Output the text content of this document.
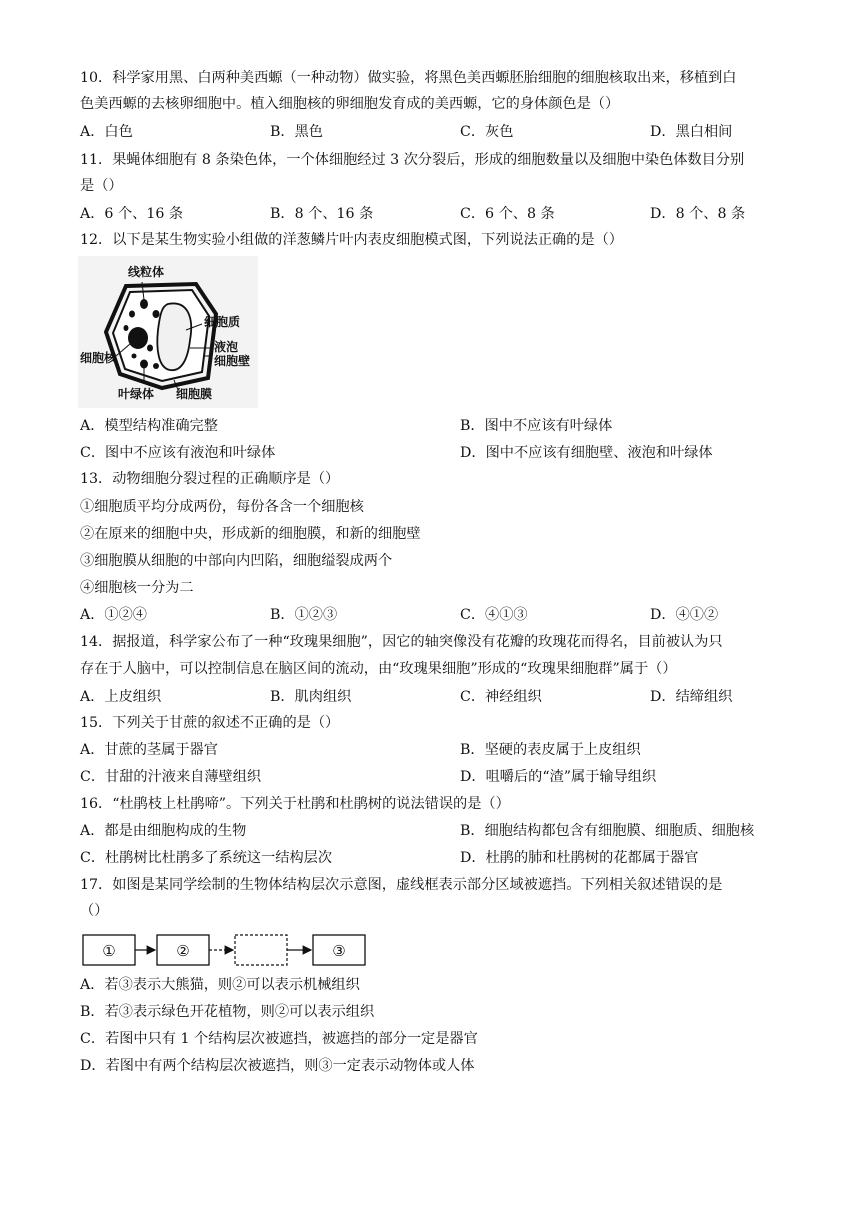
10．科学家用黑、白两种美西螈（一种动物）做实验，将黑色美西螈胚胎细胞的细胞核取出来，移植到白
色美西螈的去核卵细胞中。植入细胞核的卵细胞发育成的美西螈，它的身体颜色是（）
A．白色	B．黑色	C．灰色	D．黑白相间
11．果蝇体细胞有 8 条染色体，一个体细胞经过 3 次分裂后，形成的细胞数量以及细胞中染色体数目分别
是（）
A．6 个、16 条	B．8 个、16 条	C．6 个、8 条	D．8 个、8 条
12．以下是某生物实验小组做的洋葱鳞片叶内表皮细胞模式图，下列说法正确的是（）
线粒体
细胞质
液泡
细胞壁
细胞核
叶绿体 细胞膜
A．模型结构准确完整	B．图中不应该有叶绿体
C．图中不应该有液泡和叶绿体	D．图中不应该有细胞壁、液泡和叶绿体
13．动物细胞分裂过程的正确顺序是（）
①细胞质平均分成两份，每份各含一个细胞核
②在原来的细胞中央，形成新的细胞膜，和新的细胞壁
③细胞膜从细胞的中部向内凹陷，细胞缢裂成两个
④细胞核一分为二
A．①②④	B．①②③	C．④①③	D．④①②
14．据报道，科学家公布了一种“玫瑰果细胞”，因它的轴突像没有花瓣的玫瑰花而得名，目前被认为只
存在于人脑中，可以控制信息在脑区间的流动，由“玫瑰果细胞”形成的“玫瑰果细胞群”属于（）
A．上皮组织	B．肌肉组织	C．神经组织	D．结缔组织
15．下列关于甘蔗的叙述不正确的是（）
A．甘蔗的茎属于器官	B．坚硬的表皮属于上皮组织
C．甘甜的汁液来自薄壁组织	D．咀嚼后的“渣”属于输导组织
16．“杜鹃枝上杜鹃啼”。下列关于杜鹃和杜鹃树的说法错误的是（）
A．都是由细胞构成的生物	B．细胞结构都包含有细胞膜、细胞质、细胞核
C．杜鹃树比杜鹃多了系统这一结构层次	D．杜鹃的肺和杜鹃树的花都属于器官
17．如图是某同学绘制的生物体结构层次示意图，虚线框表示部分区域被遮挡。下列相关叙述错误的是
（）
①	②	③
A．若③表示大熊猫，则②可以表示机械组织
B．若③表示绿色开花植物，则②可以表示组织
C．若图中只有 1 个结构层次被遮挡，被遮挡的部分一定是器官
D．若图中有两个结构层次被遮挡，则③一定表示动物体或人体
